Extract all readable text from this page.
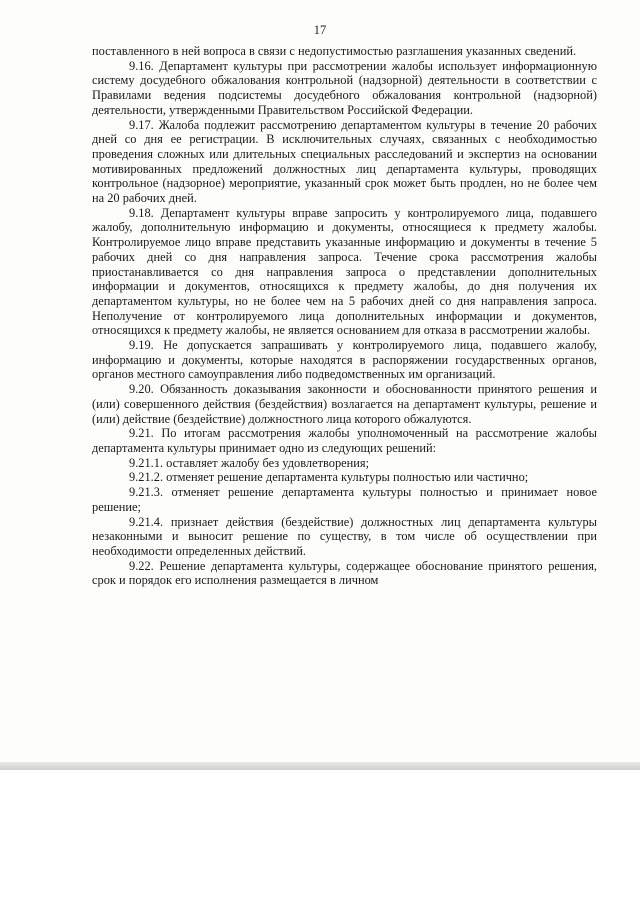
17

поставленного в ней вопроса в связи с недопустимостью разглашения указанных сведений.

9.16. Департамент культуры при рассмотрении жалобы использует информационную систему досудебного обжалования контрольной (надзорной) деятельности в соответствии с Правилами ведения подсистемы досудебного обжалования контрольной (надзорной) деятельности, утвержденными Правительством Российской Федерации.

9.17. Жалоба подлежит рассмотрению департаментом культуры в течение 20 рабочих дней со дня ее регистрации. В исключительных случаях, связанных с необходимостью проведения сложных или длительных специальных расследований и экспертиз на основании мотивированных предложений должностных лиц департамента культуры, проводящих контрольное (надзорное) мероприятие, указанный срок может быть продлен, но не более чем на 20 рабочих дней.

9.18. Департамент культуры вправе запросить у контролируемого лица, подавшего жалобу, дополнительную информацию и документы, относящиеся к предмету жалобы. Контролируемое лицо вправе представить указанные информацию и документы в течение 5 рабочих дней со дня направления запроса. Течение срока рассмотрения жалобы приостанавливается со дня направления запроса о представлении дополнительных информации и документов, относящихся к предмету жалобы, до дня получения их департаментом культуры, но не более чем на 5 рабочих дней со дня направления запроса. Неполучение от контролируемого лица дополнительных информации и документов, относящихся к предмету жалобы, не является основанием для отказа в рассмотрении жалобы.

9.19. Не допускается запрашивать у контролируемого лица, подавшего жалобу, информацию и документы, которые находятся в распоряжении государственных органов, органов местного самоуправления либо подведомственных им организаций.

9.20. Обязанность доказывания законности и обоснованности принятого решения и (или) совершенного действия (бездействия) возлагается на департамент культуры, решение и (или) действие (бездействие) должностного лица которого обжалуются.

9.21. По итогам рассмотрения жалобы уполномоченный на рассмотрение жалобы департамента культуры принимает одно из следующих решений:

9.21.1. оставляет жалобу без удовлетворения;

9.21.2. отменяет решение департамента культуры полностью или частично;

9.21.3. отменяет решение департамента культуры полностью и принимает новое решение;

9.21.4. признает действия (бездействие) должностных лиц департамента культуры незаконными и выносит решение по существу, в том числе об осуществлении при необходимости определенных действий.

9.22. Решение департамента культуры, содержащее обоснование принятого решения, срок и порядок его исполнения размещается в личном
